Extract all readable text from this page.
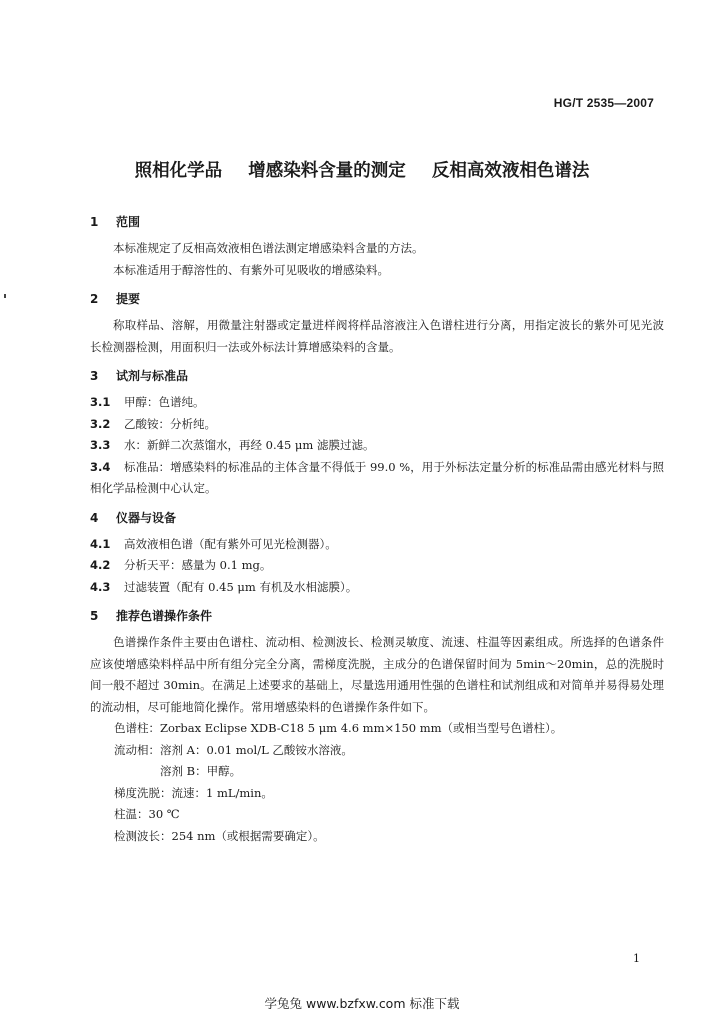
HG/T 2535—2007
照相化学品 增感染料含量的测定 反相高效液相色谱法
1 范围

本标准规定了反相高效液相色谱法测定增感染料含量的方法。

本标准适用于醇溶性的、有紫外可见吸收的增感染料。

2 提要

称取样品、溶解，用微量注射器或定量进样阀将样品溶液注入色谱柱进行分离，用指定波长的紫外可见光波长检测器检测，用面积归一法或外标法计算增感染料的含量。

3 试剂与标准品

3.1 甲醇：色谱纯。

3.2 乙酸铵：分析纯。

3.3 水：新鲜二次蒸馏水，再经 0.45 μm 滤膜过滤。

3.4 标准品：增感染料的标准品的主体含量不得低于 99.0 %，用于外标法定量分析的标准品需由感光材料与照相化学品检测中心认定。

4 仪器与设备

4.1 高效液相色谱（配有紫外可见光检测器）。

4.2 分析天平：感量为 0.1 mg。

4.3 过滤装置（配有 0.45 μm 有机及水相滤膜）。

5 推荐色谱操作条件

色谱操作条件主要由色谱柱、流动相、检测波长、检测灵敏度、流速、柱温等因素组成。所选择的色谱条件应该使增感染料样品中所有组分完全分离，需梯度洗脱，主成分的色谱保留时间为 5min～20min，总的洗脱时间一般不超过 30min。在满足上述要求的基础上，尽量选用通用性强的色谱柱和试剂组成和对简单并易得易处理的流动相，尽可能地简化操作。常用增感染料的色谱操作条件如下。

色谱柱：Zorbax Eclipse XDB-C18 5 μm 4.6 mm×150 mm（或相当型号色谱柱）。

流动相：溶剂 A：0.01 mol/L 乙酸铵水溶液。

溶剂 B：甲醇。

梯度洗脱：流速：1 mL/min。

柱温：30 ℃

检测波长：254 nm（或根据需要确定）。

1
学兔兔 www.bzfxw.com 标准下载
